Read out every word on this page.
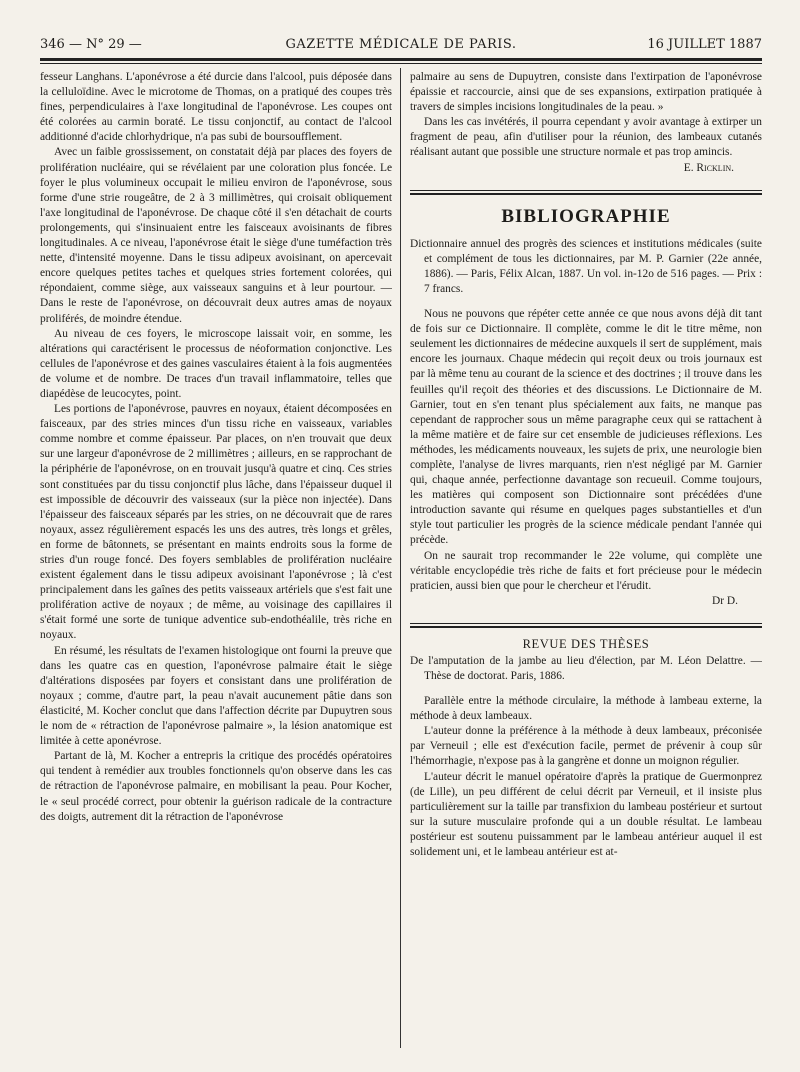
346 — N° 29 —	GAZETTE MÉDICALE DE PARIS.	16 JUILLET 1887

fesseur Langhans. L'aponévrose a été durcie dans l'alcool, puis déposée dans la celluloïdine. Avec le microtome de Thomas, on a pratiqué des coupes très fines, perpendiculaires à l'axe longitudinal de l'aponévrose. Les coupes ont été colorées au carmin boraté. Le tissu conjonctif, au contact de l'alcool additionné d'acide chlorhydrique, n'a pas subi de boursoufflement.

Avec un faible grossissement, on constatait déjà par places des foyers de prolifération nucléaire, qui se révélaient par une coloration plus foncée. Le foyer le plus volumineux occupait le milieu environ de l'aponévrose, sous forme d'une strie rougeâtre, de 2 à 3 millimètres, qui croisait obliquement l'axe longitudinal de l'aponévrose. De chaque côté il s'en détachait de courts prolongements, qui s'insinuaient entre les faisceaux avoisinants de fibres longitudinales. A ce niveau, l'aponévrose était le siège d'une tuméfaction très nette, d'intensité moyenne. Dans le tissu adipeux avoisinant, on apercevait encore quelques petites taches et quelques stries fortement colorées, qui répondaient, comme siège, aux vaisseaux sanguins et à leur pourtour. — Dans le reste de l'aponévrose, on découvrait deux autres amas de noyaux proliférés, de moindre étendue.

Au niveau de ces foyers, le microscope laissait voir, en somme, les altérations qui caractérisent le processus de néoformation conjonctive. Les cellules de l'aponévrose et des gaines vasculaires étaient à la fois augmentées de volume et de nombre. De traces d'un travail inflammatoire, telles que diapédèse de leucocytes, point.

Les portions de l'aponévrose, pauvres en noyaux, étaient décomposées en faisceaux, par des stries minces d'un tissu riche en vaisseaux, variables comme nombre et comme épaisseur. Par places, on n'en trouvait que deux sur une largeur d'aponévrose de 2 millimètres ; ailleurs, en se rapprochant de la périphérie de l'aponévrose, on en trouvait jusqu'à quatre et cinq. Ces stries sont constituées par du tissu conjonctif plus lâche, dans l'épaisseur duquel il est impossible de découvrir des vaisseaux (sur la pièce non injectée). Dans l'épaisseur des faisceaux séparés par les stries, on ne découvrait que de rares noyaux, assez régulièrement espacés les uns des autres, très longs et grêles, en forme de bâtonnets, se présentant en maints endroits sous la forme de stries d'un rouge foncé. Des foyers semblables de prolifération nucléaire existent également dans le tissu adipeux avoisinant l'aponévrose ; là c'est principalement dans les gaînes des petits vaisseaux artériels que s'est fait une prolifération active de noyaux ; de même, au voisinage des capillaires il s'était formé une sorte de tunique adventice sub-endothéalile, très riche en noyaux.

En résumé, les résultats de l'examen histologique ont fourni la preuve que dans les quatre cas en question, l'aponévrose palmaire était le siège d'altérations disposées par foyers et consistant dans une prolifération de noyaux ; comme, d'autre part, la peau n'avait aucunement pâtie dans son élasticité, M. Kocher conclut que dans l'affection décrite par Dupuytren sous le nom de « rétraction de l'aponévrose palmaire », la lésion anatomique est limitée à cette aponévrose.

Partant de là, M. Kocher a entrepris la critique des procédés opératoires qui tendent à remédier aux troubles fonctionnels qu'on observe dans les cas de rétraction de l'aponévrose palmaire, en mobilisant la peau. Pour Kocher, le « seul procédé correct, pour obtenir la guérison radicale de la contracture des doigts, autrement dit la rétraction de l'aponévrose

palmaire au sens de Dupuytren, consiste dans l'extirpation de l'aponévrose épaissie et raccourcie, ainsi que de ses expansions, extirpation pratiquée à travers de simples incisions longitudinales de la peau. »

Dans les cas invétérés, il pourra cependant y avoir avantage à extirper un fragment de peau, afin d'utiliser pour la réunion, des lambeaux cutanés réalisant autant que possible une structure normale et pas trop amincis.

E. Ricklin.

BIBLIOGRAPHIE

Dictionnaire annuel des progrès des sciences et institutions médicales (suite et complément de tous les dictionnaires, par M. P. Garnier (22e année, 1886). — Paris, Félix Alcan, 1887. Un vol. in-12o de 516 pages. — Prix : 7 francs.

Nous ne pouvons que répéter cette année ce que nous avons déjà dit tant de fois sur ce Dictionnaire. Il complète, comme le dit le titre même, non seulement les dictionnaires de médecine auxquels il sert de supplément, mais encore les journaux. Chaque médecin qui reçoit deux ou trois journaux est par là même tenu au courant de la science et des doctrines ; il trouve dans les feuilles qu'il reçoit des théories et des discussions. Le Dictionnaire de M. Garnier, tout en s'en tenant plus spécialement aux faits, ne manque pas cependant de rapprocher sous un même paragraphe ceux qui se rattachent à la même matière et de faire sur cet ensemble de judicieuses réflexions. Les méthodes, les médicaments nouveaux, les sujets de prix, une neurologie bien complète, l'analyse de livres marquants, rien n'est négligé par M. Garnier qui, chaque année, perfectionne davantage son recueuil. Comme toujours, les matières qui composent son Dictionnaire sont précédées d'une introduction savante qui résume en quelques pages substantielles et d'un style tout particulier les progrès de la science médicale pendant l'année qui précède.

On ne saurait trop recommander le 22e volume, qui complète une véritable encyclopédie très riche de faits et fort précieuse pour le médecin praticien, aussi bien que pour le chercheur et l'érudit.

Dr D.

REVUE DES THÈSES

De l'amputation de la jambe au lieu d'élection, par M. Léon Delattre. — Thèse de doctorat. Paris, 1886.

Parallèle entre la méthode circulaire, la méthode à lambeau externe, la méthode à deux lambeaux.

L'auteur donne la préférence à la méthode à deux lambeaux, préconisée par Verneuil ; elle est d'exécution facile, permet de prévenir à coup sûr l'hémorrhagie, n'expose pas à la gangrène et donne un moignon régulier.

L'auteur décrit le manuel opératoire d'après la pratique de Guermonprez (de Lille), un peu différent de celui décrit par Verneuil, et il insiste plus particulièrement sur la taille par transfixion du lambeau postérieur et surtout sur la suture musculaire profonde qui a un double résultat. Le lambeau postérieur est soutenu puissamment par le lambeau antérieur auquel il est solidement uni, et le lambeau antérieur est at-
